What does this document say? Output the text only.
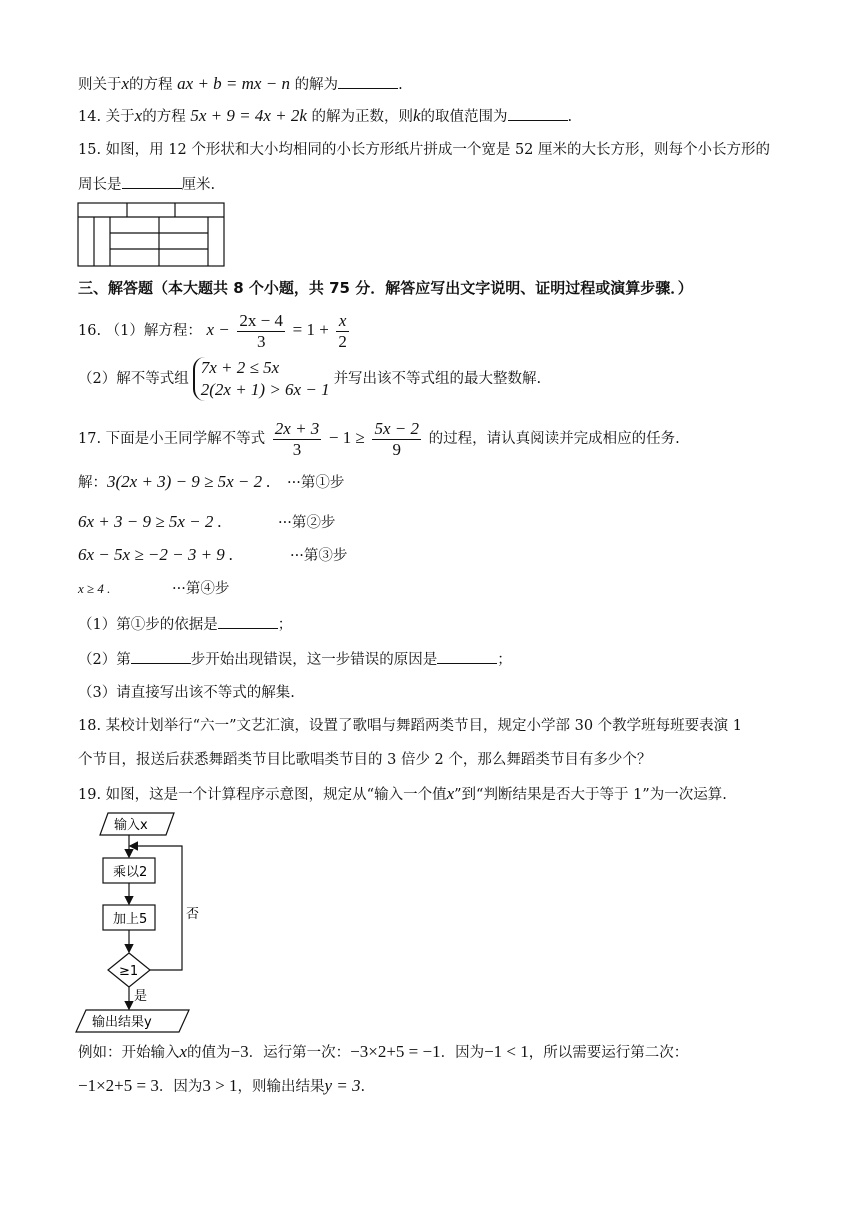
则关于x的方程 ax + b = mx − n 的解为	.
14. 关于x的方程 5x + 9 = 4x + 2k 的解为正数，则k的取值范围为	.
15. 如图，用 12 个形状和大小均相同的小长方形纸片拼成一个宽是 52 厘米的大长方形，则每个小长方形的
周长是	厘米.
三、解答题（本大题共 8 个小题，共 75 分．解答应写出文字说明、证明过程或演算步骤．）
16. （1）解方程： $x - \frac{2x - 4}{3} = 1 + \frac{x}{2}$
（2）解不等式组
7x + 2 ≤ 5x
2(2x + 1) > 6x − 1
并写出该不等式组的最大整数解.
17. 下面是小王同学解不等式 $\frac{2x + 3}{3} - 1 \ge \frac{5x - 2}{9}$ 的过程，请认真阅读并完成相应的任务.
解：3(2x + 3) − 9 ≥ 5x − 2 . ···第①步
6x + 3 − 9 ≥ 5x − 2 .	···第②步
6x − 5x ≥ −2 − 3 + 9 .	···第③步
x ≥ 4 .	···第④步
（1）第①步的依据是	；
（2）第	步开始出现错误，这一步错误的原因是	；
（3）请直接写出该不等式的解集.
18. 某校计划举行“六一”文艺汇演，设置了歌唱与舞蹈两类节目，规定小学部 30 个教学班每班要表演 1
个节目，报送后获悉舞蹈类节目比歌唱类节目的 3 倍少 2 个，那么舞蹈类节目有多少个？
19. 如图，这是一个计算程序示意图，规定从“输入一个值x”到“判断结果是否大于等于 1”为一次运算.
输入x
乘以2
加上5
≥1
否
是
输出结果y
例如：开始输入x的值为−3．运行第一次：−3×2+5 = −1．因为−1 < 1，所以需要运行第二次：
−1×2+5 = 3．因为3 > 1，则输出结果y = 3.
